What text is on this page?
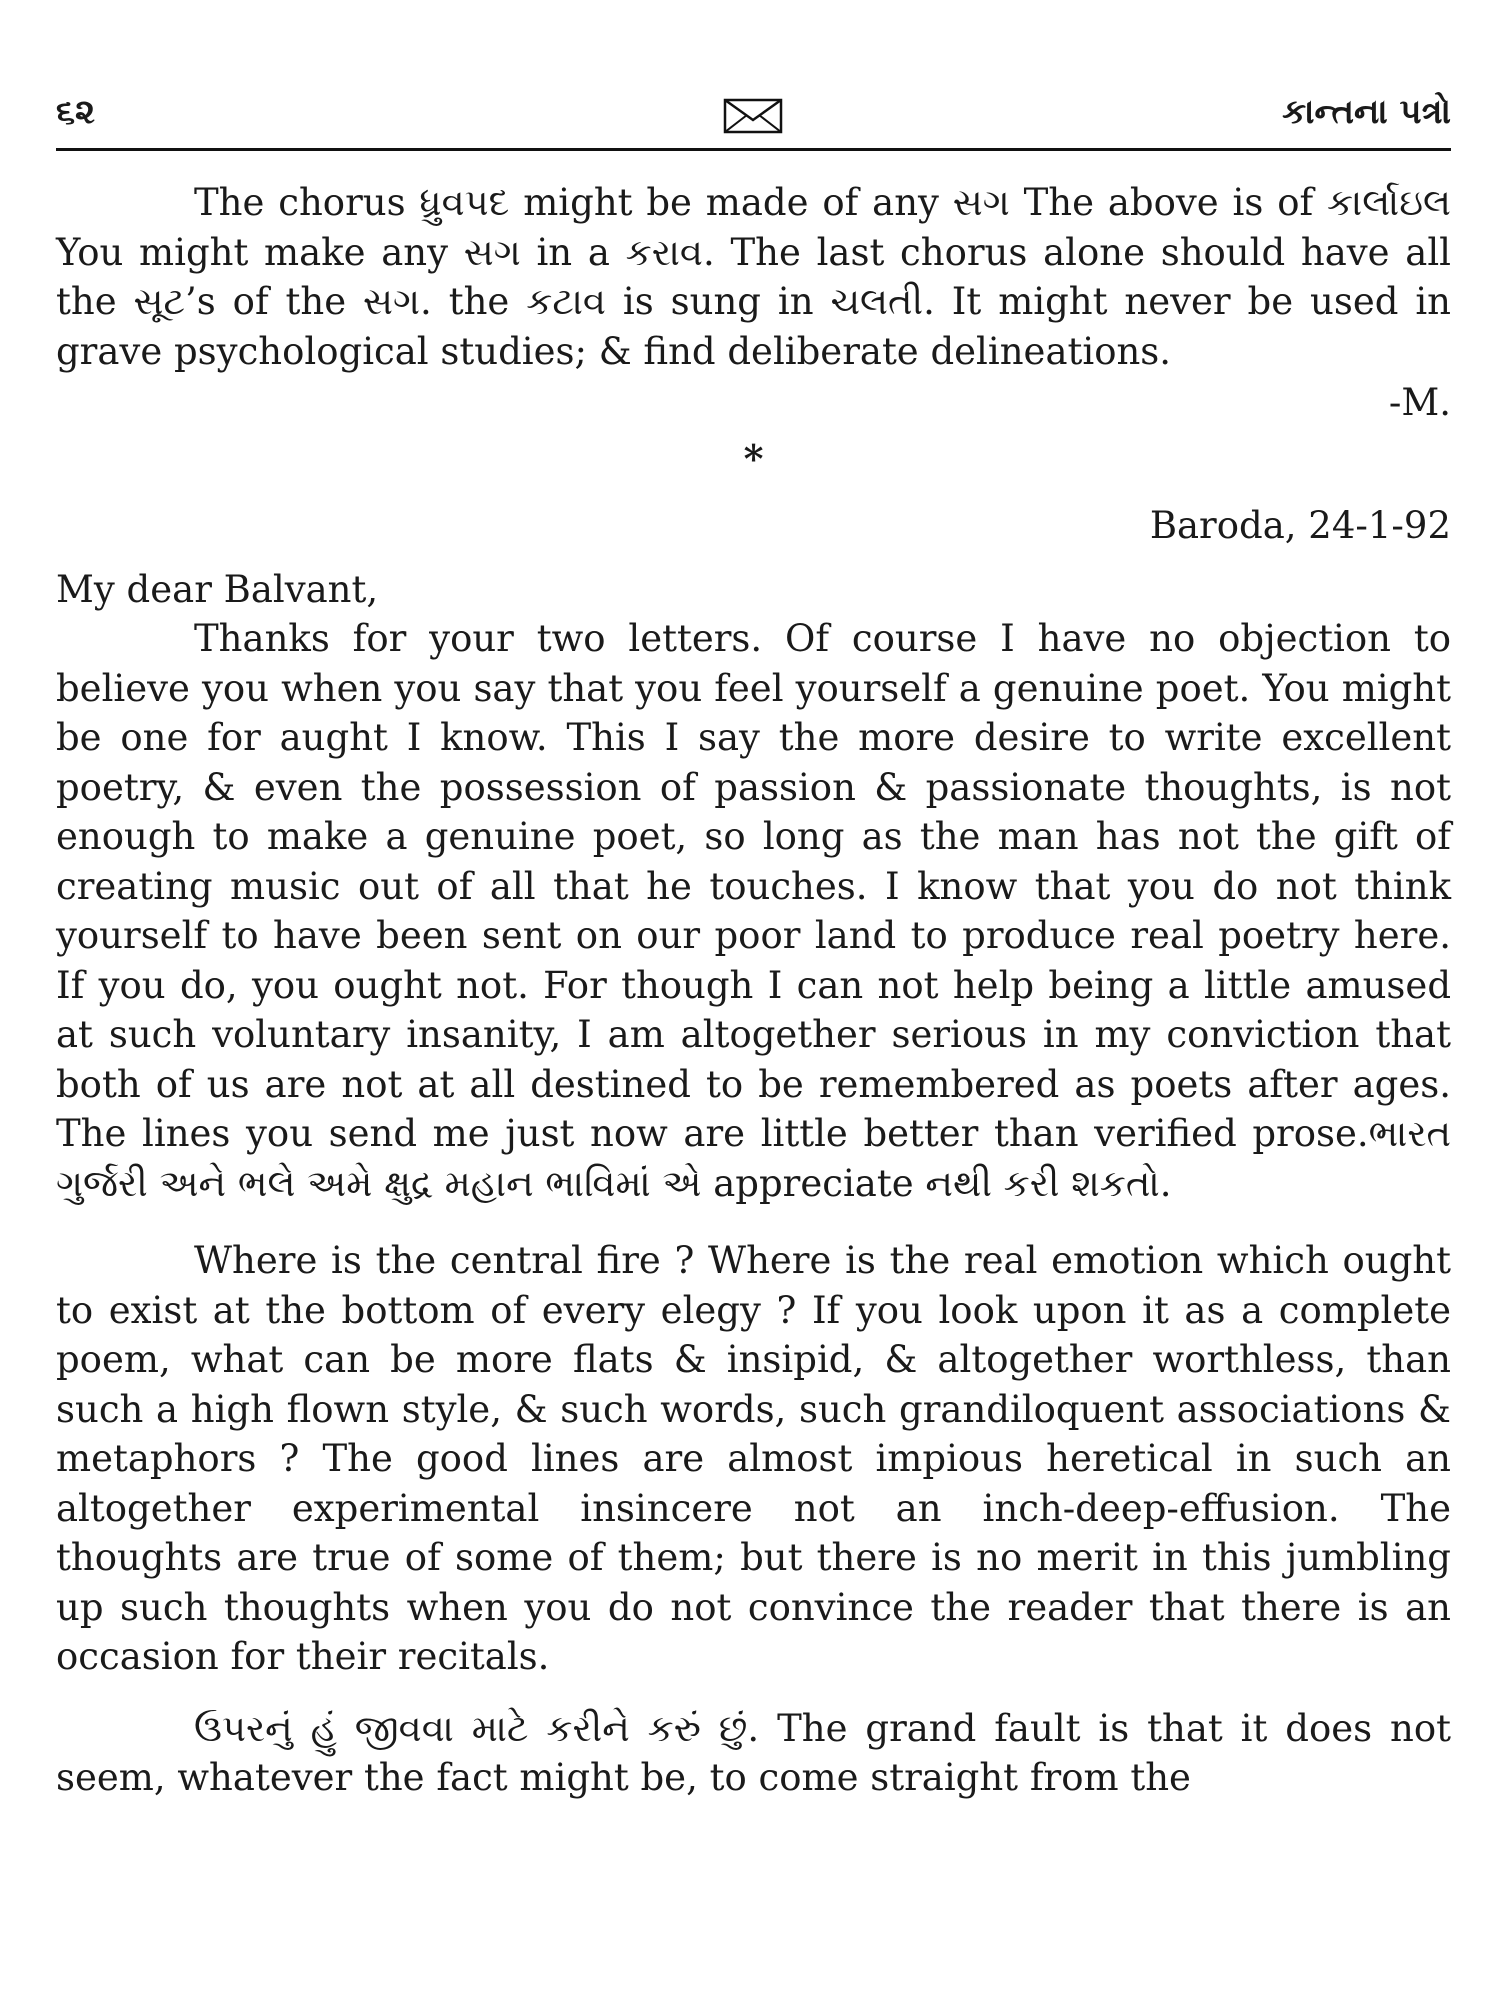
૬૨	કાન્તના પત્રો

The chorus ધ્રુવપદ might be made of any સગ The above is of કાર્લાઇલ You might make any સગ in a કરાવ. The last chorus alone should have all the સૂટ’s of the સગ. the કટાવ is sung in ચલતી. It might never be used in grave psychological studies; & find deliberate delineations.

-M.

*

Baroda, 24-1-92

My dear Balvant,

Thanks for your two letters. Of course I have no objection to believe you when you say that you feel yourself a genuine poet. You might be one for aught I know. This I say the more desire to write excellent poetry, & even the possession of passion & passionate thoughts, is not enough to make a genuine poet, so long as the man has not the gift of creating music out of all that he touches. I know that you do not think yourself to have been sent on our poor land to produce real poetry here. If you do, you ought not. For though I can not help being a little amused at such voluntary insanity, I am altogether serious in my conviction that both of us are not at all destined to be remembered as poets after ages. The lines you send me just now are little better than verified prose.ભારત ગુર્જરી અને ભલે અમે ક્ષુદ્ર મહાન ભાવિમાં એ appreciate નથી કરી શકતો.

Where is the central fire ? Where is the real emotion which ought to exist at the bottom of every elegy ? If you look upon it as a complete poem, what can be more flats & insipid, & altogether worthless, than such a high flown style, & such words, such grandiloquent associations & metaphors ? The good lines are almost impious heretical in such an altogether experimental insincere not an inch-deep-effusion. The thoughts are true of some of them; but there is no merit in this jumbling up such thoughts when you do not convince the reader that there is an occasion for their recitals.

ઉપરનું હું જીવવા માટે કરીને કરું છું. The grand fault is that it does not seem, whatever the fact might be, to come straight from the
